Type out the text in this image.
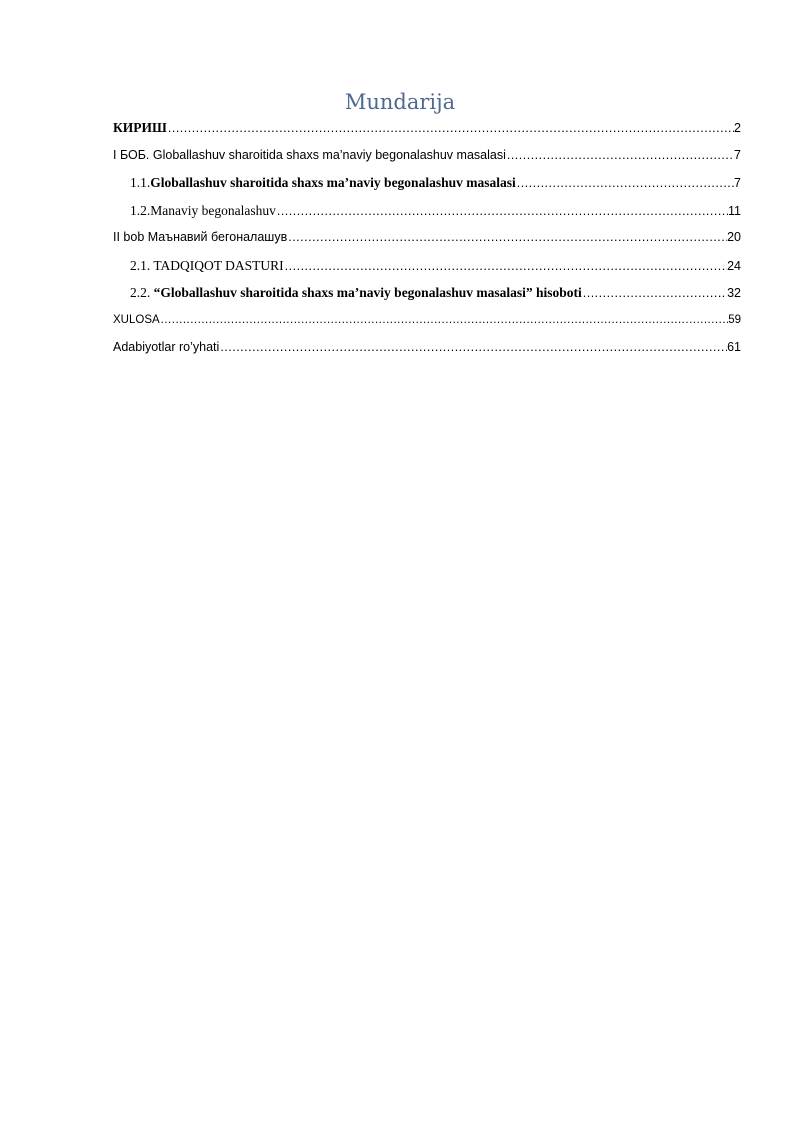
Mundarija
КИРИШ .....	2
I БОБ. Globallashuv sharoitida shaxs ma’naviy begonalashuv masalasi .....	7
1.1. Globallashuv sharoitida shaxs ma’naviy begonalashuv masalasi .....	7
1.2. Manaviy begonalashuv .....	11
II bob Маънавий бегоналашув .....	20
2.1. TADQIQOT DASTURI .....	24
2.2. “Globallashuv sharoitida shaxs ma’naviy begonalashuv masalasi” hisoboti .....	32
XULOSA .....	59
Adabiyotlar ro’yhati .....	61
